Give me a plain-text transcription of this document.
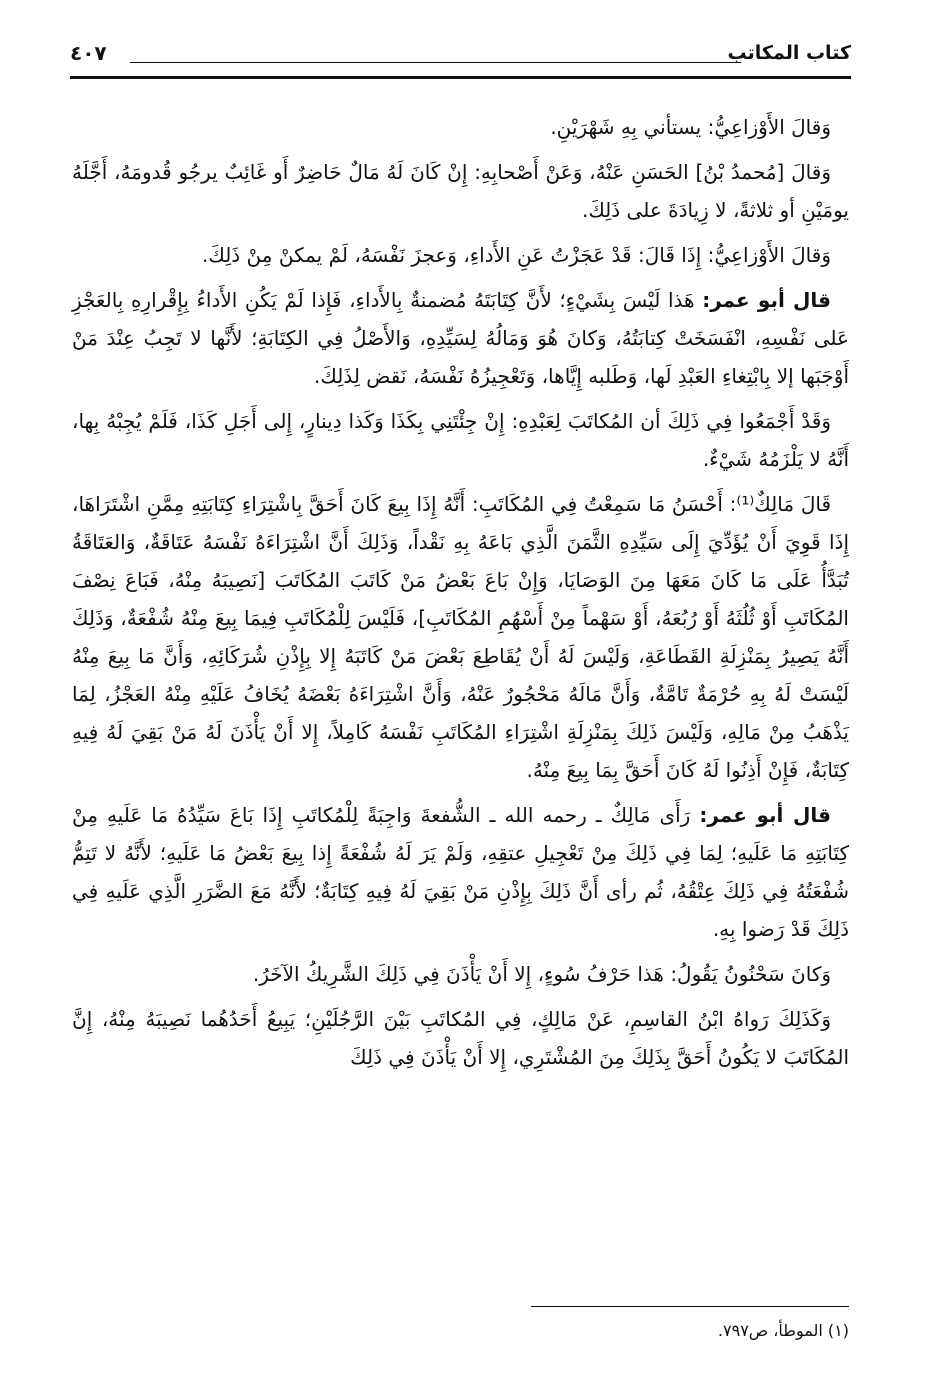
كتاب المكاتب
٤٠٧

وَقالَ الأَوْزاعِيُّ: يستأني بِهِ شَهْرَيْنِ.

وَقالَ [مُحمدُ بْنُ] الحَسَنِ عَنْهُ، وَعَنْ أَصْحابِهِ: إِنْ كَانَ لَهُ مَالٌ حَاضِرٌ أَو غَائِبٌ يرجُو قُدومَهُ، أَجَّلَهُ يومَيْنِ أو ثلاثةً، لا زِيادَةَ على ذَلِكَ.

وَقالَ الأَوْزاعِيُّ: إِذَا قَالَ: قَدْ عَجَزْتُ عَنِ الأَداءِ، وَعجزَ نَفْسَهُ، لَمْ يمكنْ مِنْ ذَلِكَ.

قال أبو عمر: هَذا لَيْسَ بِشَيْءٍ؛ لأَنَّ كِتَابَتَهُ مُضمنةٌ بِالأَداءِ، فَإِذا لَمْ يَكُنِ الأَداءُ بِإِقْرارِهِ بِالعَجْزِ عَلى نَفْسِهِ، انْفَسَخَتْ كِتابَتُهُ، وَكانَ هُوَ وَمَالُهُ لِسَيِّدِهِ، وَالأَصْلُ فِي الكِتَابَةِ؛ لأَنَّها لا تَجِبُ عِنْدَ مَنْ أَوْجَبَها إلا بِابْتِغاءِ العَبْدِ لَها، وَطَلبه إِيَّاها، وَتَعْجِيزُهُ نَفْسَهُ، نَقض لِذَلِكَ.

وَقَدْ أَجْمَعُوا فِي ذَلِكَ أن المُكاتَبَ لِعَبْدِهِ: إِنْ جِئْتَنِي بِكَذَا وَكَذا دِينارٍ، إِلى أَجَلِ كَذَا، فَلَمْ يُجِبْهُ بِها، أَنَّهُ لا يَلْزَمُهُ شَيْءٌ.

قَالَ مَالِكٌ⁽¹⁾: أَحْسَنُ مَا سَمِعْتُ فِي المُكَاتَبِ: أَنَّهُ إِذَا بِيعَ كَانَ أَحَقَّ بِاشْتِرَاءِ كِتَابَتِهِ مِمَّنِ اشْتَرَاهَا، إِذَا قَوِيَ أَنْ يُؤَدِّيَ إِلَى سَيِّدِهِ الثَّمَنَ الَّذِي بَاعَهُ بِهِ نَقْداً، وَذَلِكَ أَنَّ اشْتِرَاءَهُ نَفْسَهُ عَتَاقَةٌ، وَالعَتَاقَةُ تُبَدَّأُ عَلَى مَا كَانَ مَعَهَا مِنَ الوَصَايَا، وَإِنْ بَاعَ بَعْضُ مَنْ كَاتَبَ المُكَاتَبَ [نَصِيبَهُ مِنْهُ، فَبَاعَ نِصْفَ المُكَاتَبِ أَوْ ثُلُثَهُ أَوْ رُبُعَهُ، أَوْ سَهْماً مِنْ أَسْهُمِ المُكَاتَبِ]، فَلَيْسَ لِلْمُكَاتَبِ فِيمَا بِيعَ مِنْهُ شُفْعَةٌ، وَذَلِكَ أَنَّهُ يَصِيرُ بِمَنْزِلَةِ القَطَاعَةِ، وَلَيْسَ لَهُ أَنْ يُقَاطِعَ بَعْضَ مَنْ كَاتَبَهُ إِلا بِإِذْنِ شُرَكَائِهِ، وَأَنَّ مَا بِيعَ مِنْهُ لَيْسَتْ لَهُ بِهِ حُرْمَةٌ تَامَّةٌ، وَأَنَّ مَالَهُ مَحْجُورٌ عَنْهُ، وَأَنَّ اشْتِرَاءَهُ بَعْضَهُ يُخَافُ عَلَيْهِ مِنْهُ العَجْزُ، لِمَا يَذْهَبُ مِنْ مَالِهِ، وَلَيْسَ ذَلِكَ بِمَنْزِلَةِ اشْتِرَاءِ المُكَاتَبِ نَفْسَهُ كَامِلاً، إِلا أَنْ يَأْذَنَ لَهُ مَنْ بَقِيَ لَهُ فِيهِ كِتَابَةٌ، فَإِنْ أَذِنُوا لَهُ كَانَ أَحَقَّ بِمَا بِيعَ مِنْهُ.

قال أبو عمر: رَأَى مَالِكٌ ـ رحمه الله ـ الشُّفعةَ وَاجِبَةً لِلْمُكاتَبِ إِذَا بَاعَ سَيِّدُهُ مَا عَلَيهِ مِنْ كِتَابَتِهِ مَا عَلَيهِ؛ لِمَا فِي ذَلِكَ مِنْ تَعْجِيلِ عتقِهِ، وَلَمْ يَرَ لَهُ شُفْعَةً إِذا بِيعَ بَعْضُ مَا عَلَيهِ؛ لأَنَّهُ لا تَتِمُّ شُفْعَتُهُ فِي ذَلِكَ عِتْقُهُ، ثُم رأى أَنَّ ذَلِكَ بِإِذْنِ مَنْ بَقِيَ لَهُ فِيهِ كِتَابَةٌ؛ لأَنَّهُ مَعَ الضَّرَرِ الَّذِي عَلَيهِ فِي ذَلِكَ قَدْ رَضوا بِهِ.

وَكانَ سَحْنُونُ يَقُولُ: هَذا حَرْفُ سُوءٍ، إِلا أَنْ يَأْذَنَ فِي ذَلِكَ الشَّرِيكُ الآخَرُ.

وَكَذَلِكَ رَواهُ ابْنُ القاسِمِ، عَنْ مَالِكٍ، فِي المُكاتَبِ بَيْنَ الرَّجُلَيْنِ؛ يَبِيعُ أَحَدُهُما نَصِيبَهُ مِنْهُ، إِنَّ المُكَاتَبَ لا يَكُونُ أَحَقَّ بِذَلِكَ مِنَ المُشْتَرِي، إِلا أَنْ يَأْذَنَ فِي ذَلِكَ

(١) الموطأ، ص٧٩٧.
